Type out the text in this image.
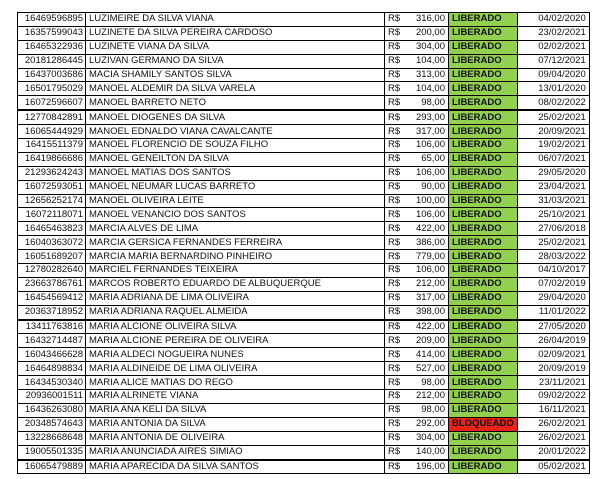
16469596895	LUZIMEIRE DA SILVA VIANA	R$	316,00	LIBERADO	04/02/2020
16357599043	LUZINETE DA SILVA PEREIRA CARDOSO	R$	200,00	LIBERADO	23/02/2021
16465322936	LUZINETE VIANA DA SILVA	R$	304,00	LIBERADO	02/02/2021
20181286445	LUZIVAN GERMANO DA SILVA	R$	104,00	LIBERADO	07/12/2021
16437003686	MACIA SHAMILY SANTOS SILVA	R$	313,00	LIBERADO	09/04/2020
16501795029	MANOEL ALDEMIR DA SILVA VARELA	R$	104,00	LIBERADO	13/01/2020
16072596607	MANOEL BARRETO NETO	R$	98,00	LIBERADO	08/02/2022
12770842891	MANOEL DIOGENES DA SILVA	R$	293,00	LIBERADO	25/02/2021
16065444929	MANOEL EDNALDO VIANA CAVALCANTE	R$	317,00	LIBERADO	20/09/2021
16415511379	MANOEL FLORENCIO DE SOUZA FILHO	R$	106,00	LIBERADO	19/02/2021
16419866686	MANOEL GENEILTON DA SILVA	R$	65,00	LIBERADO	06/07/2021
21293624243	MANOEL MATIAS DOS SANTOS	R$	106,00	LIBERADO	29/05/2020
16072593051	MANOEL NEUMAR LUCAS BARRETO	R$	90,00	LIBERADO	23/04/2021
12656252174	MANOEL OLIVEIRA LEITE	R$	100,00	LIBERADO	31/03/2021
16072118071	MANOEL VENANCIO DOS SANTOS	R$	106,00	LIBERADO	25/10/2021
16465463823	MARCIA ALVES DE LIMA	R$	422,00	LIBERADO	27/06/2018
16040363072	MARCIA GERSICA FERNANDES FERREIRA	R$	386,00	LIBERADO	25/02/2021
16051689207	MARCIA MARIA BERNARDINO PINHEIRO	R$	779,00	LIBERADO	28/03/2022
12780282640	MARCIEL FERNANDES TEIXEIRA	R$	106,00	LIBERADO	04/10/2017
23663786761	MARCOS ROBERTO EDUARDO DE ALBUQUERQUE	R$	212,00	LIBERADO	07/02/2019
16454569412	MARIA ADRIANA DE LIMA OLIVEIRA	R$	317,00	LIBERADO	29/04/2020
20363718952	MARIA ADRIANA RAQUEL ALMEIDA	R$	398,00	LIBERADO	11/01/2022
13411763816	MARIA ALCIONE OLIVEIRA SILVA	R$	422,00	LIBERADO	27/05/2020
16432714487	MARIA ALCIONE PEREIRA DE OLIVEIRA	R$	209,00	LIBERADO	26/04/2019
16043466628	MARIA ALDECI NOGUEIRA NUNES	R$	414,00	LIBERADO	02/09/2021
16464898834	MARIA ALDINEIDE DE LIMA OLIVEIRA	R$	527,00	LIBERADO	20/09/2019
16434530340	MARIA ALICE MATIAS DO REGO	R$	98,00	LIBERADO	23/11/2021
20936001511	MARIA ALRINETE VIANA	R$	212,00	LIBERADO	09/02/2022
16436263080	MARIA ANA KELI DA SILVA	R$	98,00	LIBERADO	16/11/2021
20348574643	MARIA ANTONIA DA SILVA	R$	292,00	BLOQUEADO	26/02/2021
13228668648	MARIA ANTONIA DE OLIVEIRA	R$	304,00	LIBERADO	26/02/2021
19005501335	MARIA ANUNCIADA AIRES SIMIAO	R$	140,00	LIBERADO	20/01/2022
16065479889	MARIA APARECIDA DA SILVA SANTOS	R$	196,00	LIBERADO	05/02/2021
